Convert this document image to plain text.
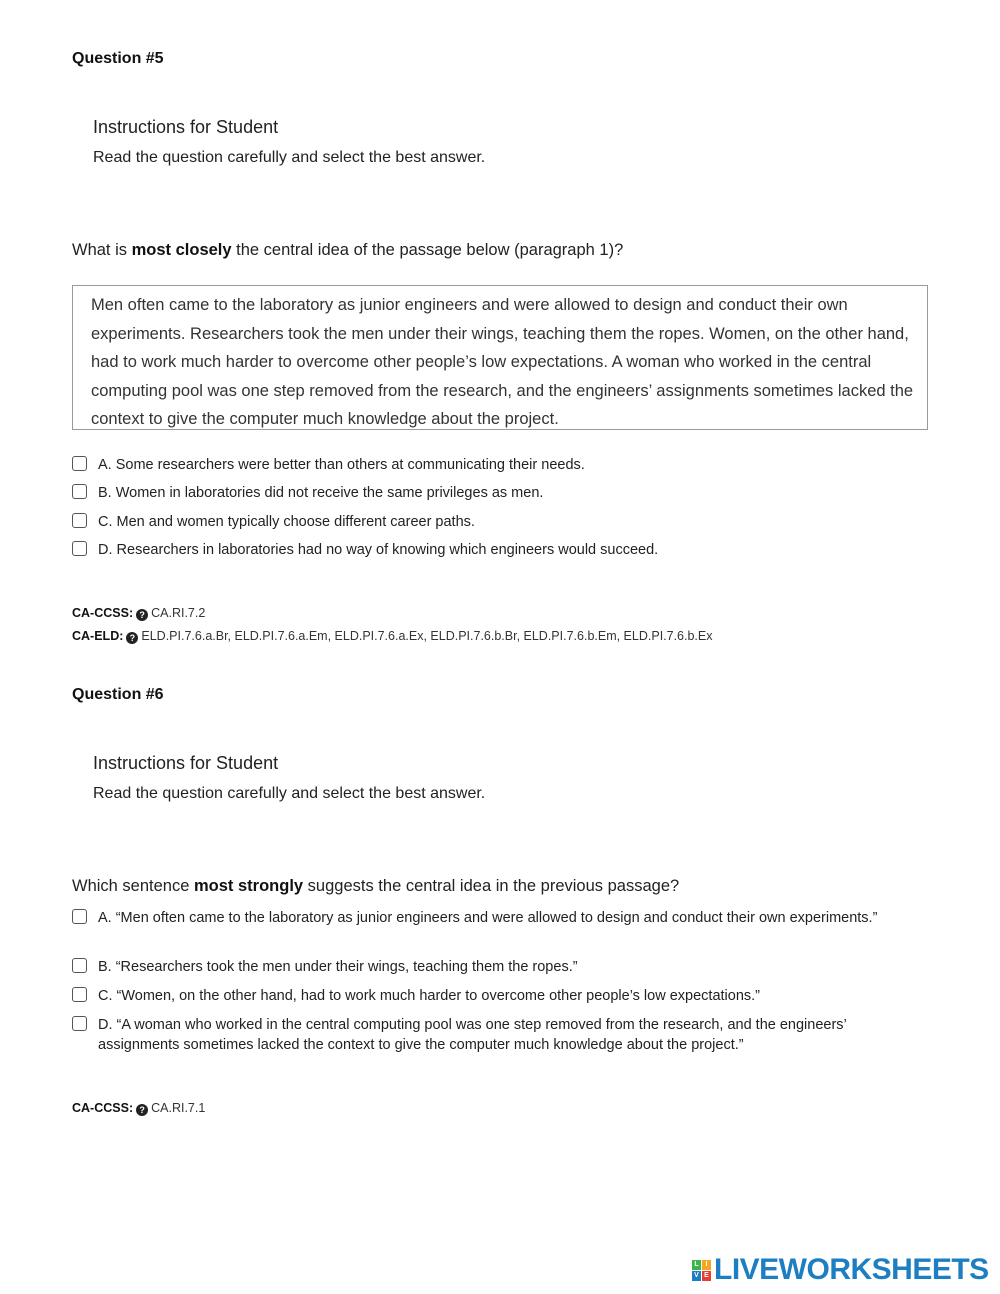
Question #5
Instructions for Student
Read the question carefully and select the best answer.
What is most closely the central idea of the passage below (paragraph 1)?
Men often came to the laboratory as junior engineers and were allowed to design and conduct their own experiments. Researchers took the men under their wings, teaching them the ropes. Women, on the other hand, had to work much harder to overcome other people’s low expectations. A woman who worked in the central computing pool was one step removed from the research, and the engineers’ assignments sometimes lacked the context to give the computer much knowledge about the project.
A. Some researchers were better than others at communicating their needs.
B. Women in laboratories did not receive the same privileges as men.
C. Men and women typically choose different career paths.
D. Researchers in laboratories had no way of knowing which engineers would succeed.
CA-CCSS: ? CA.RI.7.2
CA-ELD: ? ELD.PI.7.6.a.Br, ELD.PI.7.6.a.Em, ELD.PI.7.6.a.Ex, ELD.PI.7.6.b.Br, ELD.PI.7.6.b.Em, ELD.PI.7.6.b.Ex
Question #6
Instructions for Student
Read the question carefully and select the best answer.
Which sentence most strongly suggests the central idea in the previous passage?
A. “Men often came to the laboratory as junior engineers and were allowed to design and conduct their own experiments.”
B. “Researchers took the men under their wings, teaching them the ropes.”
C. “Women, on the other hand, had to work much harder to overcome other people’s low expectations.”
D. “A woman who worked in the central computing pool was one step removed from the research, and the engineers’ assignments sometimes lacked the context to give the computer much knowledge about the project.”
CA-CCSS: ? CA.RI.7.1
L I
V E LIVEWORKSHEETS
